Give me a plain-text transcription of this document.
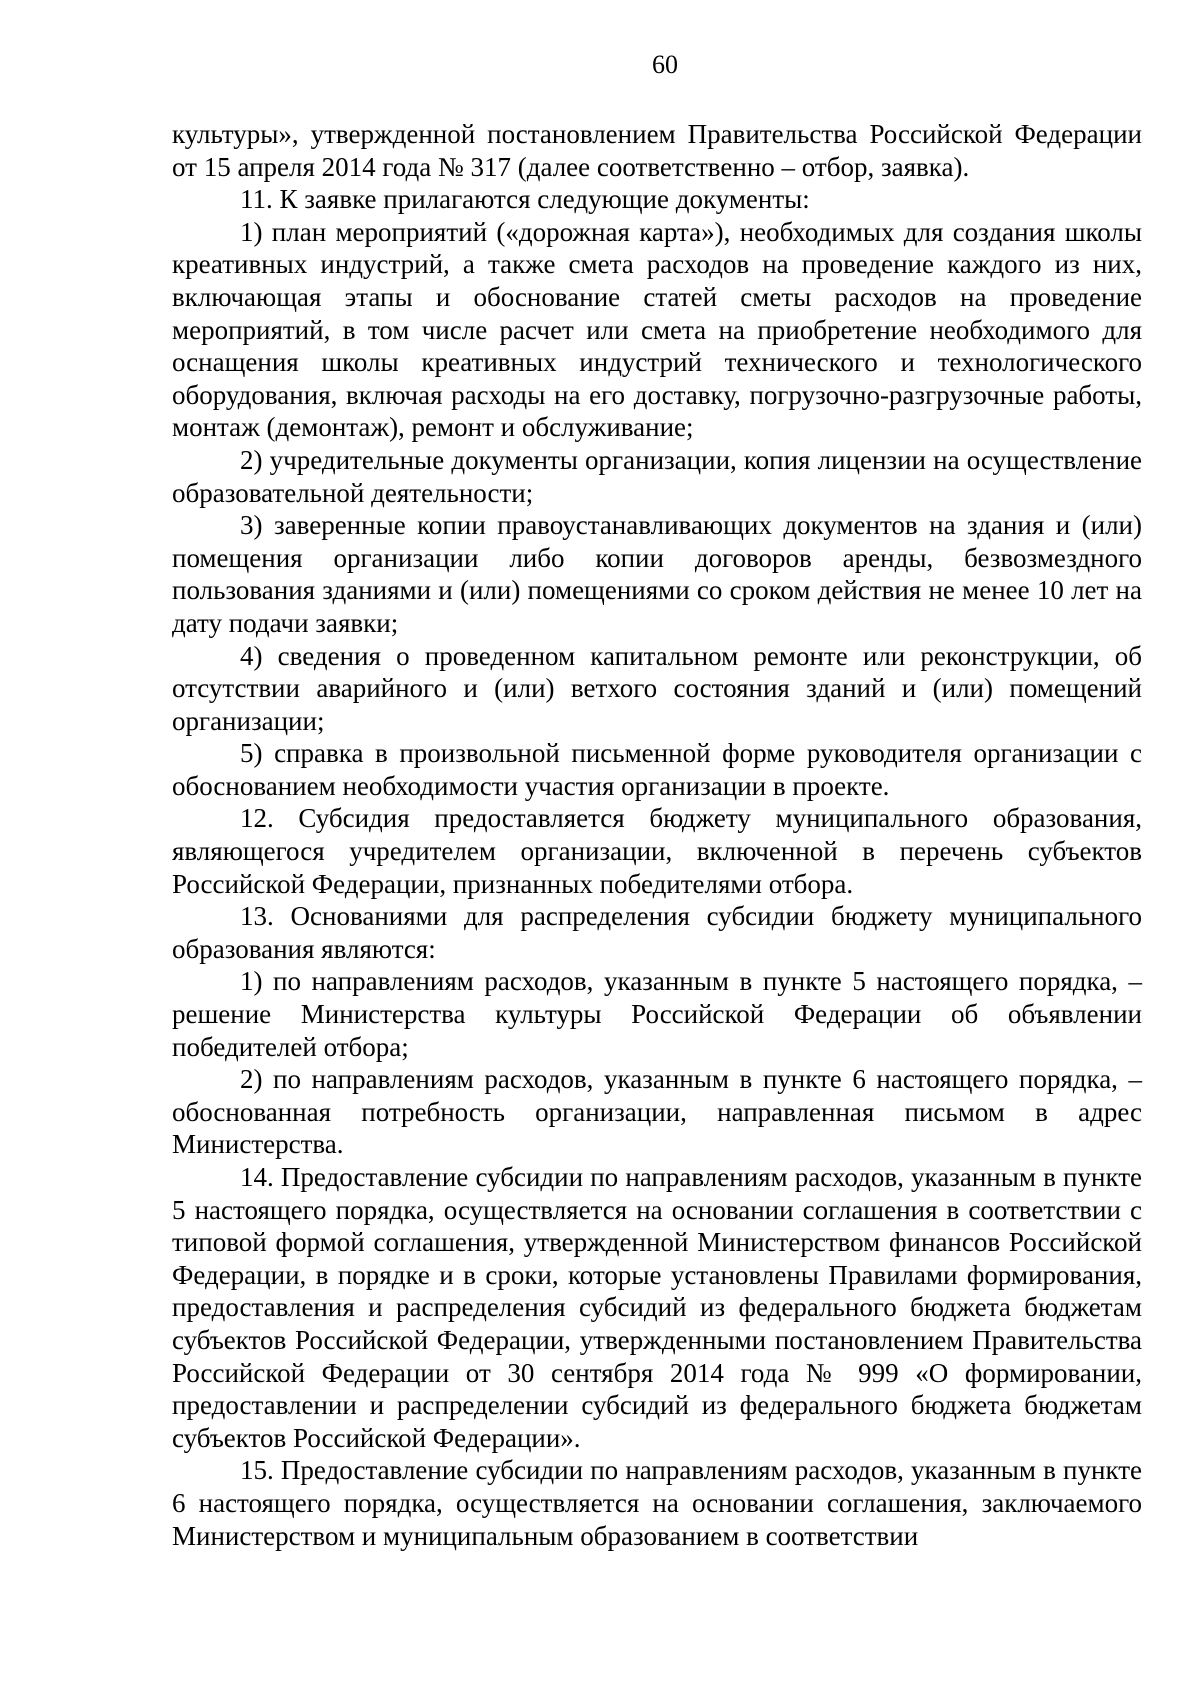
60

культуры», утвержденной постановлением Правительства Российской Федерации от 15 апреля 2014 года № 317 (далее соответственно – отбор, заявка).

11. К заявке прилагаются следующие документы:

1) план мероприятий («дорожная карта»), необходимых для создания школы креативных индустрий, а также смета расходов на проведение каждого из них, включающая этапы и обоснование статей сметы расходов на проведение мероприятий, в том числе расчет или смета на приобретение необходимого для оснащения школы креативных индустрий технического и технологического оборудования, включая расходы на его доставку, погрузочно-разгрузочные работы, монтаж (демонтаж), ремонт и обслуживание;

2) учредительные документы организации, копия лицензии на осуществление образовательной деятельности;

3) заверенные копии правоустанавливающих документов на здания и (или) помещения организации либо копии договоров аренды, безвозмездного пользования зданиями и (или) помещениями со сроком действия не менее 10 лет на дату подачи заявки;

4) сведения о проведенном капитальном ремонте или реконструкции, об отсутствии аварийного и (или) ветхого состояния зданий и (или) помещений организации;

5) справка в произвольной письменной форме руководителя организации с обоснованием необходимости участия организации в проекте.

12. Субсидия предоставляется бюджету муниципального образования, являющегося учредителем организации, включенной в перечень субъектов Российской Федерации, признанных победителями отбора.

13. Основаниями для распределения субсидии бюджету муниципального образования являются:

1) по направлениям расходов, указанным в пункте 5 настоящего порядка, – решение Министерства культуры Российской Федерации об объявлении победителей отбора;

2) по направлениям расходов, указанным в пункте 6 настоящего порядка, – обоснованная потребность организации, направленная письмом в адрес Министерства.

14. Предоставление субсидии по направлениям расходов, указанным в пункте 5 настоящего порядка, осуществляется на основании соглашения в соответствии с типовой формой соглашения, утвержденной Министерством финансов Российской Федерации, в порядке и в сроки, которые установлены Правилами формирования, предоставления и распределения субсидий из федерального бюджета бюджетам субъектов Российской Федерации, утвержденными постановлением Правительства Российской Федерации от 30 сентября 2014 года № 999 «О формировании, предоставлении и распределении субсидий из федерального бюджета бюджетам субъектов Российской Федерации».

15. Предоставление субсидии по направлениям расходов, указанным в пункте 6 настоящего порядка, осуществляется на основании соглашения, заключаемого Министерством и муниципальным образованием в соответствии
